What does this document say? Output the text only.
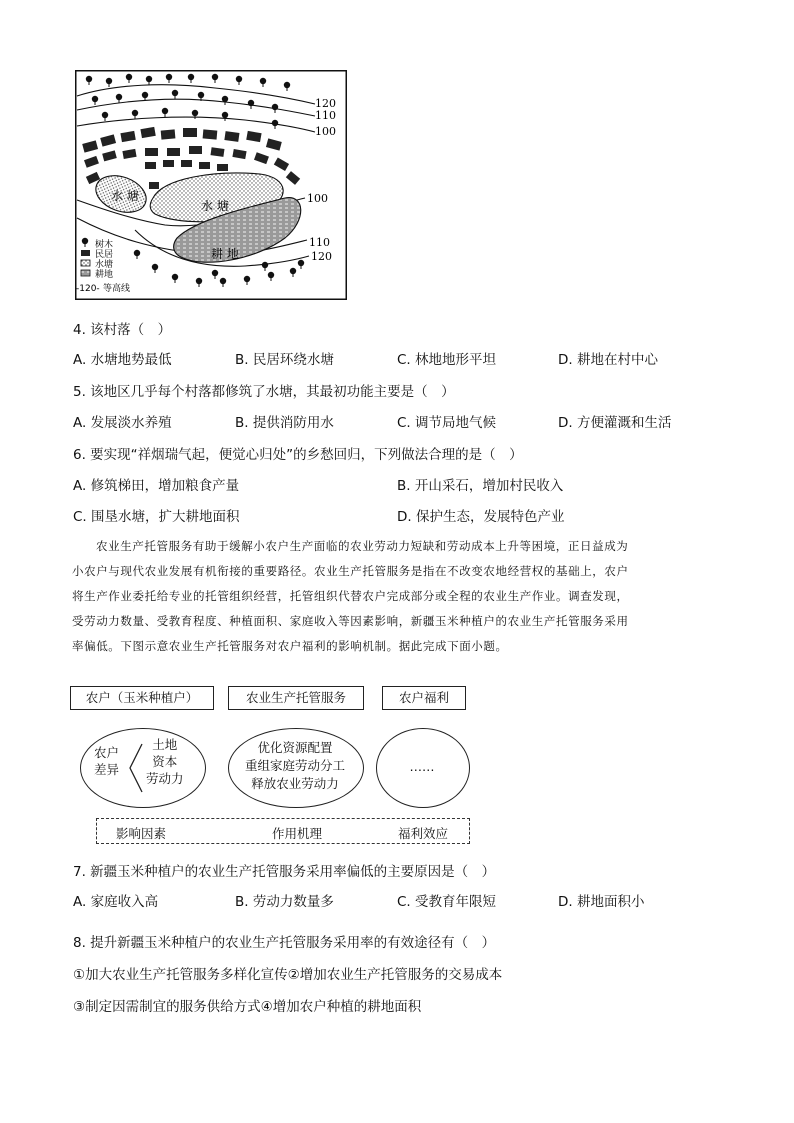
120
110
100
100
110
120
水 塘
水 塘
耕 地
树木
民居
水塘
耕地
-120- 等高线
4. 该村落（　）
A. 水塘地势最低	B. 民居环绕水塘	C. 林地地形平坦	D. 耕地在村中心
5. 该地区几乎每个村落都修筑了水塘，其最初功能主要是（　）
A. 发展淡水养殖	B. 提供消防用水	C. 调节局地气候	D. 方便灌溉和生活
6. 要实现“祥烟瑞气起，便觉心归处”的乡愁回归，下列做法合理的是（　）
A. 修筑梯田，增加粮食产量	B. 开山采石，增加村民收入
C. 围垦水塘，扩大耕地面积	D. 保护生态，发展特色产业
农业生产托管服务有助于缓解小农户生产面临的农业劳动力短缺和劳动成本上升等困境，正日益成为
小农户与现代农业发展有机衔接的重要路径。农业生产托管服务是指在不改变农地经营权的基础上，农户
将生产作业委托给专业的托管组织经营，托管组织代替农户完成部分或全程的农业生产作业。调查发现，
受劳动力数量、受教育程度、种植面积、家庭收入等因素影响，新疆玉米种植户的农业生产托管服务采用
率偏低。下图示意农业生产托管服务对农户福利的影响机制。据此完成下面小题。
农户（玉米种植户）	农业生产托管服务	农户福利
农户
差异
土地
资本
劳动力
优化资源配置
重组家庭劳动分工
释放农业劳动力
……
影响因素	作用机理	福利效应
7. 新疆玉米种植户的农业生产托管服务采用率偏低的主要原因是（　）
A. 家庭收入高	B. 劳动力数量多	C. 受教育年限短	D. 耕地面积小
8. 提升新疆玉米种植户的农业生产托管服务采用率的有效途径有（　）
①加大农业生产托管服务多样化宣传②增加农业生产托管服务的交易成本
③制定因需制宜的服务供给方式④增加农户种植的耕地面积
